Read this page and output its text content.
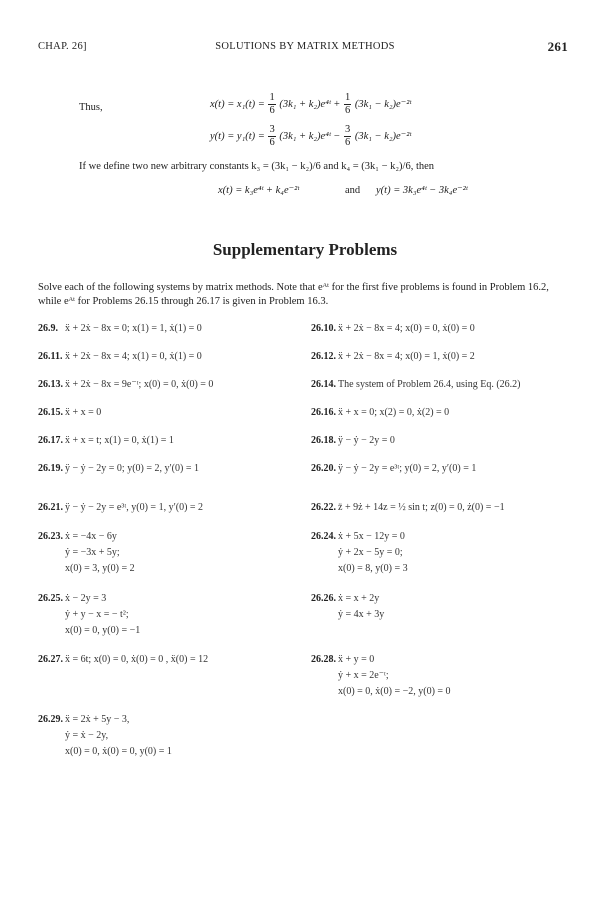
CHAP. 26]	SOLUTIONS BY MATRIX METHODS	261
Thus,	$x(t) = x_1(t) = \frac{1}{6} (3k_1$ + k₂)e⁴ᵗ + $\frac{1}{6} (3k_1$ − k₂)e⁻²ᵗ
$y(t) = y_1(t) = \frac{3}{6} (3k_1$ + k₂)e⁴ᵗ − $\frac{3}{6} (3k_1$ − k₂)e⁻²ᵗ
If we define two new arbitrary constants k₃ = (3k₁ − k₂)/6 and k₄ = (3k₁ − k₂)/6, then
x(t) = k₃e⁴ᵗ + k₄e⁻²ᵗ	and y(t) = 3k₃e⁴ᵗ − 3k₄e⁻²ᵗ
Supplementary Problems
Solve each of the following systems by matrix methods. Note that eᴬᵗ for the first five problems is found in Problem 16.2,
while eᴬᵗ for Problems 26.15 through 26.17 is given in Problem 16.3.
26.9. ẍ + 2ẋ − 8x = 0; x(1) = 1, ẋ(1) = 0	26.10. ẍ + 2ẋ − 8x = 4; x(0) = 0, ẋ(0) = 0
26.11. ẍ + 2ẋ − 8x = 4; x(1) = 0, ẋ(1) = 0	26.12. ẍ + 2ẋ − 8x = 4; x(0) = 1, ẋ(0) = 2
26.13. ẍ + 2ẋ − 8x = 9e⁻ᵗ; x(0) = 0, ẋ(0) = 0	26.14. The system of Problem 26.4, using Eq. (26.2)
26.15. ẍ + x = 0	26.16. ẍ + x = 0; x(2) = 0, ẋ(2) = 0
26.17. ẍ + x = t; x(1) = 0, ẋ(1) = 1	26.18. ÿ − ẏ − 2y = 0
26.19. ÿ − ẏ − 2y = 0; y(0) = 2, y′(0) = 1	26.20. ÿ − ẏ − 2y = e³ᵗ; y(0) = 2, y′(0) = 1
26.21. ÿ − ẏ − 2y = e³ᵗ, y(0) = 1, y′(0) = 2	26.22. z̈ + 9ż + 14z = ½ sin t; z(0) = 0, ż(0) = −1
26.23. ẋ = −4x − 6y
ẏ = −3x + 5y;
x(0) = 3, y(0) = 2
26.24. ẋ + 5x − 12y = 0
ẏ + 2x − 5y = 0;
x(0) = 8, y(0) = 3
26.25. ẋ − 2y = 3
ẏ + y − x = − t²;
x(0) = 0, y(0) = −1
26.26. ẋ = x + 2y
ẏ = 4x + 3y
26.27. ẍ = 6t; x(0) = 0, ẋ(0) = 0 , ẍ(0) = 12	26.28. ẍ + y = 0
ẏ + x = 2e⁻ᵗ;
x(0) = 0, ẋ(0) = −2, y(0) = 0
26.29. ẍ = 2ẋ + 5y − 3,
ẏ = ẋ − 2y,
x(0) = 0, ẋ(0) = 0, y(0) = 1
